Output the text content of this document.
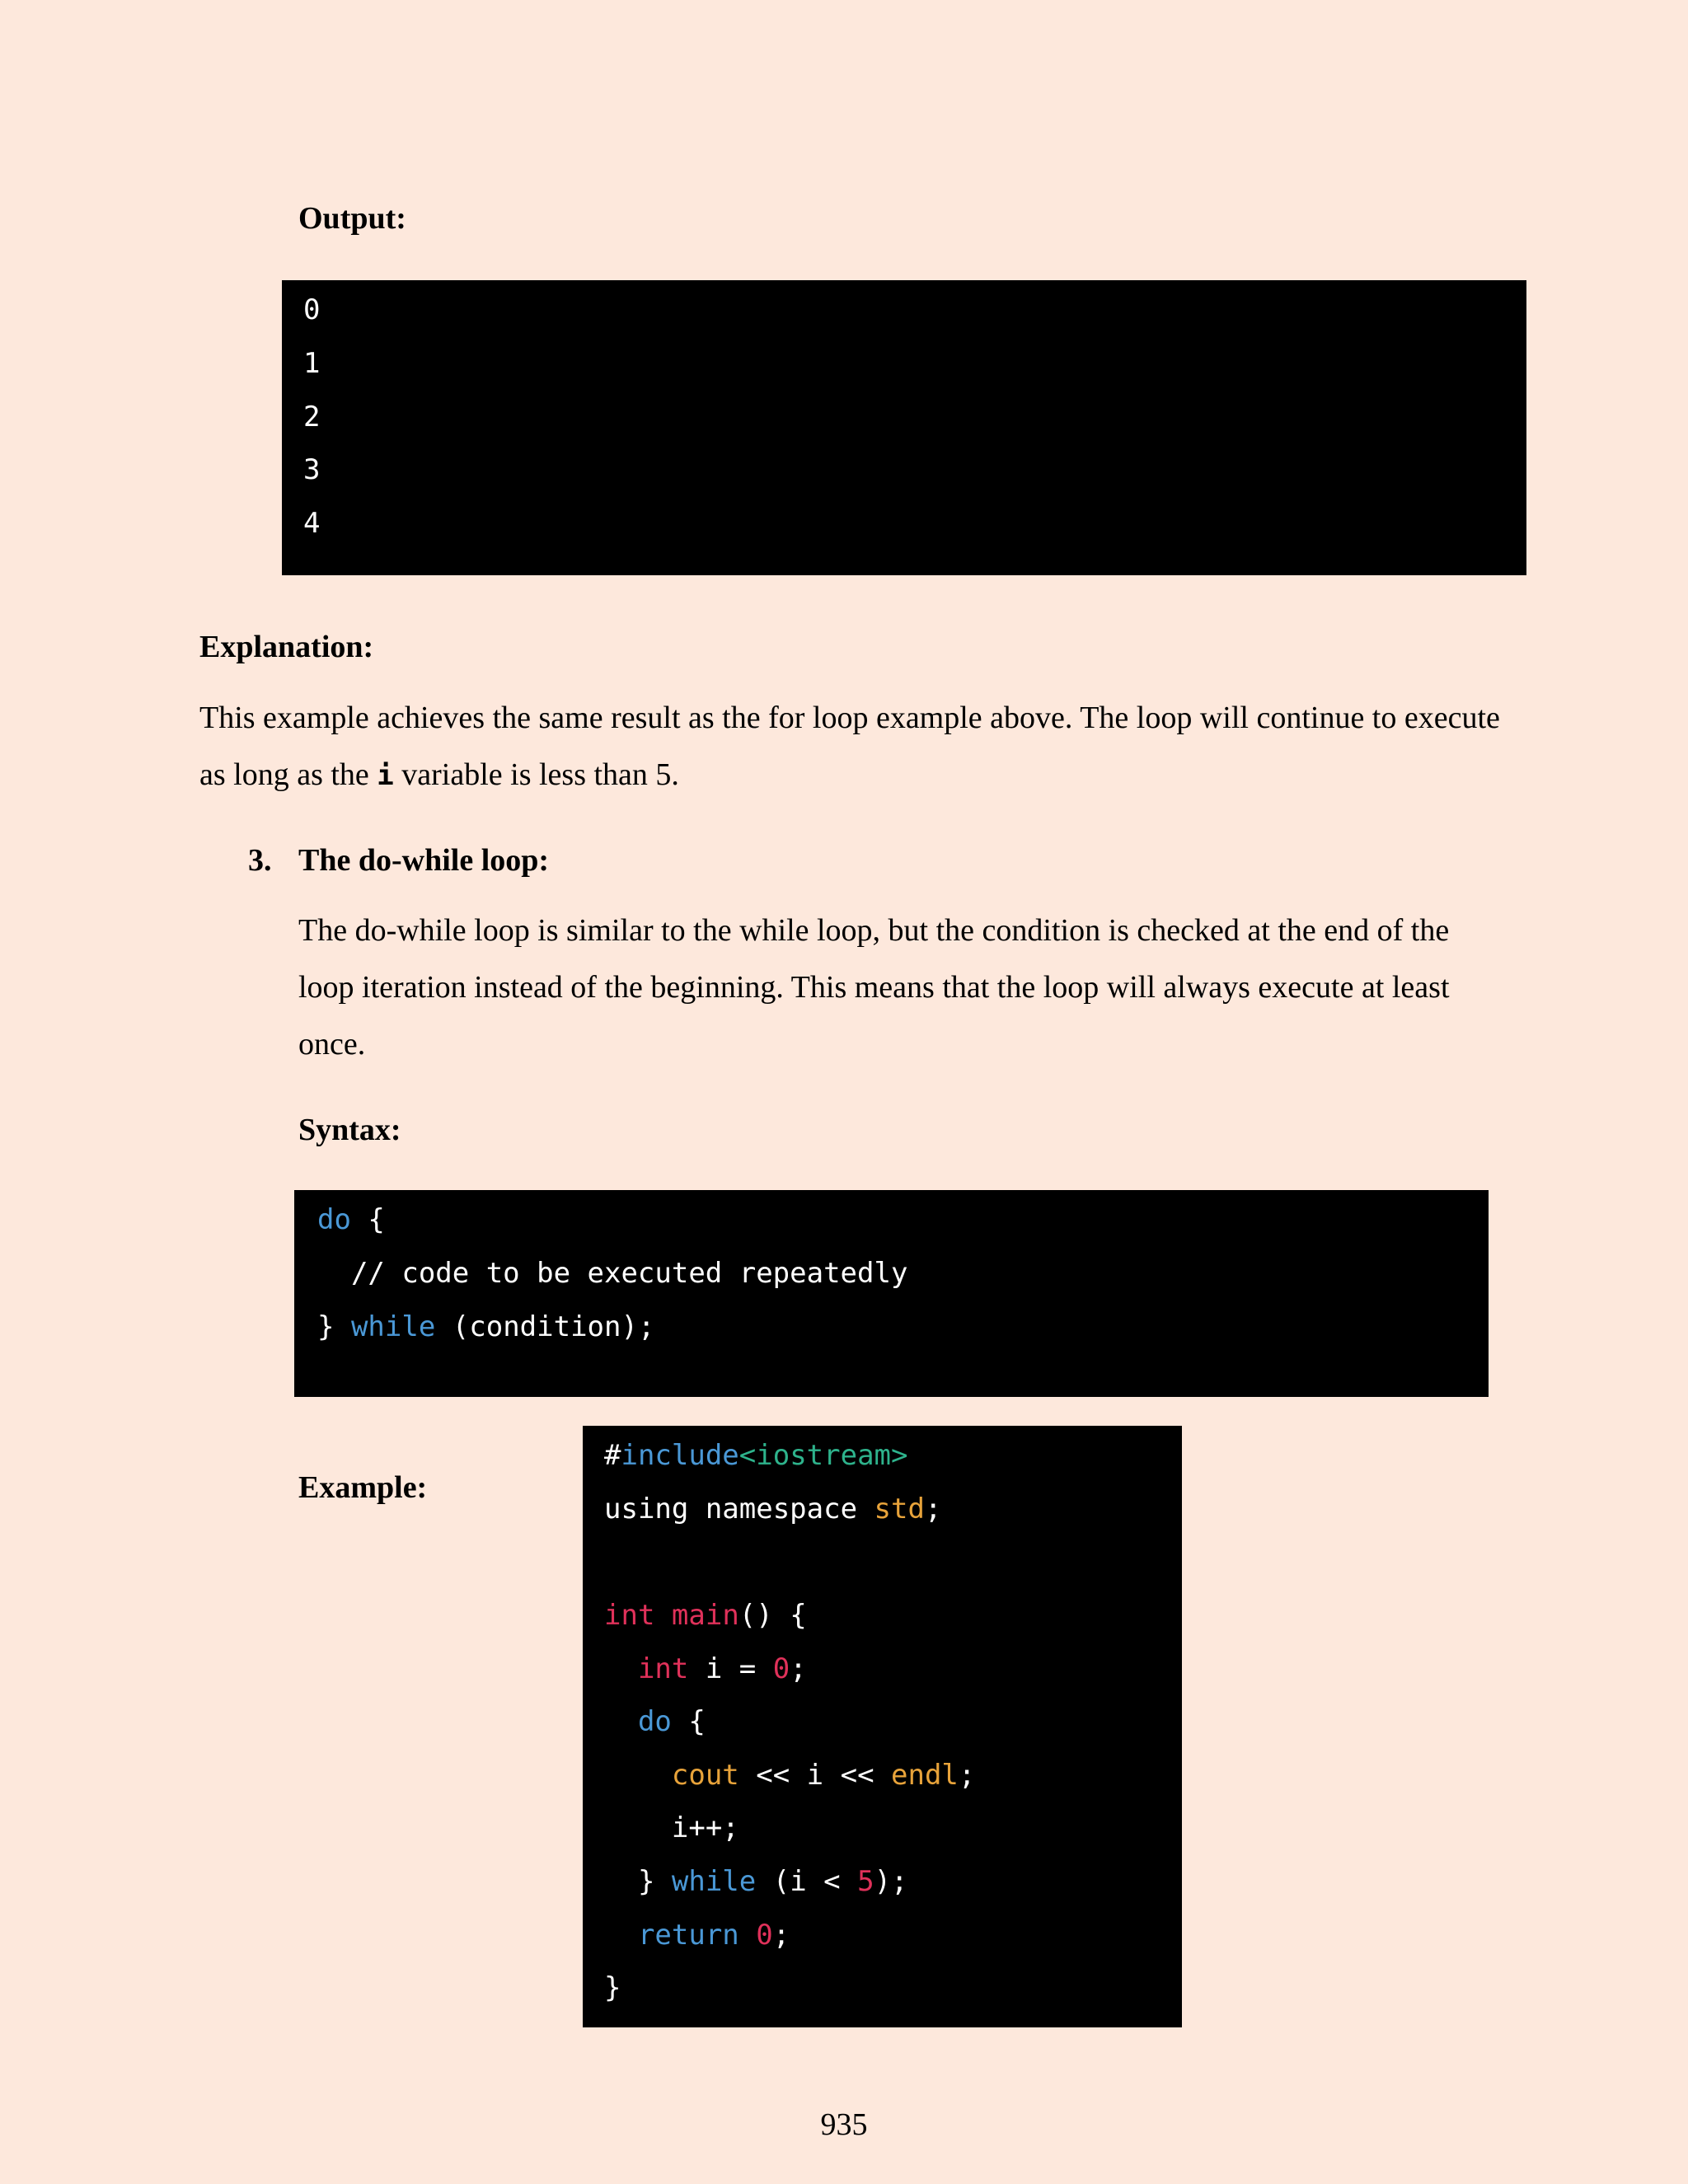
Output:
0
1
2
3
4
Explanation:
This example achieves the same result as the for loop example above. The loop will continue to execute as long as the i variable is less than 5.
3. The do-while loop:
The do-while loop is similar to the while loop, but the condition is checked at the end of the loop iteration instead of the beginning. This means that the loop will always execute at least once.
Syntax:
do {
// code to be executed repeatedly
} while (condition);
Example:
#include<iostream>
using namespace std;
int main() {
int i = 0;
do {
cout << i << endl;
i++;
} while (i < 5);
return 0;
}
935
